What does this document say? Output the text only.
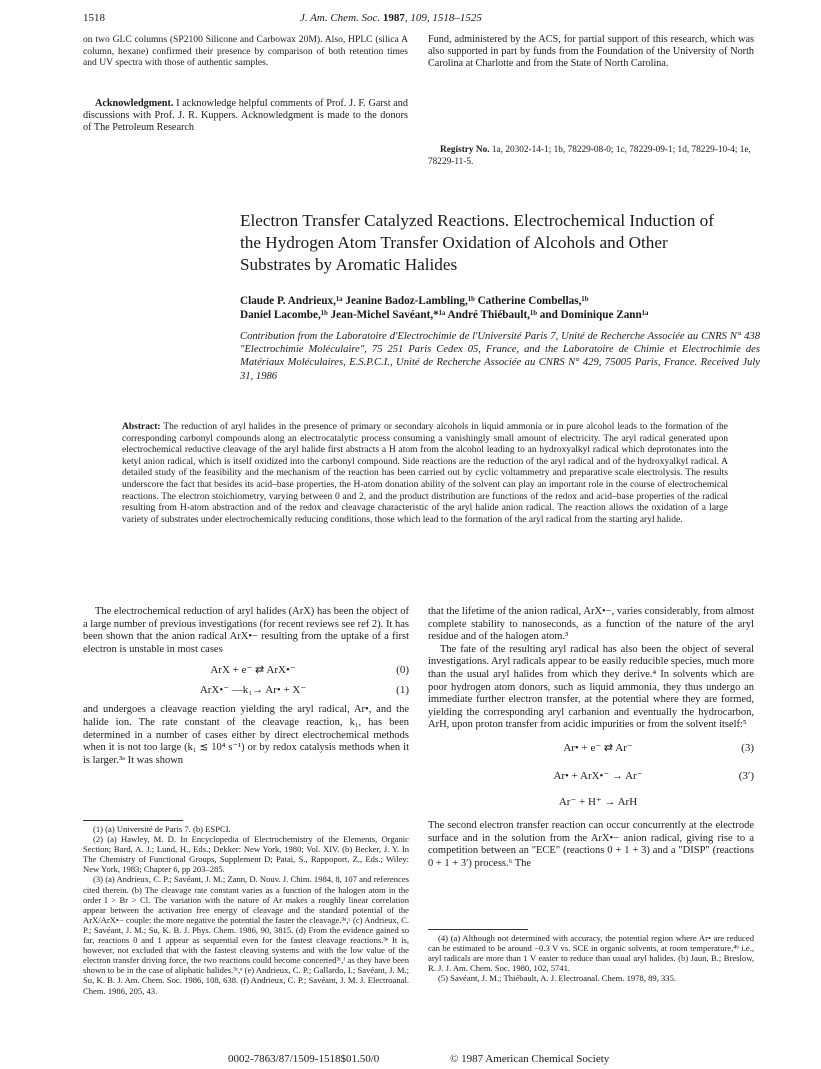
1518	J. Am. Chem. Soc. 1987, 109, 1518–1525
on two GLC columns (SP2100 Silicone and Carbowax 20M). Also, HPLC (silica A column, hexane) confirmed their presence by comparison of both retention times and UV spectra with those of authentic samples.
Acknowledgment. I acknowledge helpful comments of Prof. J. F. Garst and discussions with Prof. J. R. Kuppers. Acknowledgment is made to the donors of The Petroleum Research
Fund, administered by the ACS, for partial support of this research, which was also supported in part by funds from the Foundation of the University of North Carolina at Charlotte and from the State of North Carolina.
Registry No. 1a, 20302-14-1; 1b, 78229-08-0; 1c, 78229-09-1; 1d, 78229-10-4; 1e, 78229-11-5.
Electron Transfer Catalyzed Reactions. Electrochemical Induction of the Hydrogen Atom Transfer Oxidation of Alcohols and Other Substrates by Aromatic Halides
Claude P. Andrieux,¹ᵃ Jeanine Badoz-Lambling,¹ᵇ Catherine Combellas,¹ᵇ
Daniel Lacombe,¹ᵇ Jean-Michel Savéant,*¹ᵃ André Thiébault,¹ᵇ and Dominique Zann¹ᵃ
Contribution from the Laboratoire d'Electrochimie de l'Université Paris 7, Unité de Recherche Associée au CNRS N° 438 "Electrochimie Moléculaire", 75 251 Paris Cedex 05, France, and the Laboratoire de Chimie et Electrochimie des Matériaux Moléculaires, E.S.P.C.I., Unité de Recherche Associée au CNRS N° 429, 75005 Paris, France. Received July 31, 1986
Abstract: The reduction of aryl halides in the presence of primary or secondary alcohols in liquid ammonia or in pure alcohol leads to the formation of the corresponding carbonyl compounds along an electrocatalytic process consuming a vanishingly small amount of electricity. The aryl radical generated upon electrochemical reductive cleavage of the aryl halide first abstracts a H atom from the alcohol leading to an hydroxyalkyl radical which deprotonates into the ketyl anion radical, which is itself oxidized into the carbonyl compound. Side reactions are the reduction of the aryl radical and of the hydroxyalkyl radical. A detailed study of the feasibility and the mechanism of the reaction has been carried out by cyclic voltammetry and preparative scale electrolysis. The results underscore the fact that besides its acid–base properties, the H-atom donation ability of the solvent can play an important role in the course of electrochemical reactions. The electron stoichiometry, varying between 0 and 2, and the product distribution are functions of the redox and acid–base properties of the radical resulting from H-atom abstraction and of the redox and cleavage characteristic of the aryl halide anion radical. The reaction allows the oxidation of a large variety of substrates under electrochemically reducing conditions, those which lead to the formation of the aryl radical from the starting aryl halide.

The electrochemical reduction of aryl halides (ArX) has been the object of a large number of previous investigations (for recent reviews see ref 2). It has been shown that the anion radical ArX•− resulting from the uptake of a first electron is unstable in most cases

ArX + e⁻ ⇄ ArX•⁻	(0)
ArX•⁻ —k₁→ Ar• + X⁻	(1)

and undergoes a cleavage reaction yielding the aryl radical, Ar•, and the halide ion. The rate constant of the cleavage reaction, k₁, has been determined in a number of cases either by direct electrochemical methods when it is not too large (k₁ ≲ 10⁴ s⁻¹) or by redox catalysis methods when it is larger.³ᵃ It was shown

(1) (a) Université de Paris 7. (b) ESPCI.

(2) (a) Hawley, M. D. In Encyclopedia of Electrochemistry of the Elements, Organic Section; Bard, A. J.; Lund, H., Eds.; Dekker: New York, 1980; Vol. XIV. (b) Becker, J. Y. In The Chemistry of Functional Groups, Supplement D; Patai, S., Rappoport, Z., Eds.; Wiley: New York, 1983; Chapter 6, pp 203–285.

(3) (a) Andrieux, C. P.; Savéant, J. M.; Zann, D. Nouv. J. Chim. 1984, 8, 107 and references cited therein. (b) The cleavage rate constant varies as a function of the halogen atom in the order I > Br > Cl. The variation with the nature of Ar makes a roughly linear correlation appear between the activation free energy of cleavage and the standard potential of the ArX/ArX•− couple: the more negative the potential the faster the cleavage.³ᵃ,ᶜ (c) Andrieux, C. P.; Savéant, J. M.; Su, K. B. J. Phys. Chem. 1986, 90, 3815. (d) From the evidence gained so far, reactions 0 and 1 appear as sequential even for the fastest cleavage reactions.³ᵉ It is, however, not excluded that with the fastest cleaving systems and with the low value of the electron transfer driving force, the two reactions could become concerted³ᶜ,ᶠ as they have been shown to be in the case of aliphatic halides.³ᶜ,ᵉ (e) Andrieux, C. P.; Gallardo, I.; Savéant, J. M.; Su, K. B. J. Am. Chem. Soc. 1986, 108, 638. (f) Andrieux, C. P.; Savéant, J. M. J. Electroanal. Chem. 1986, 205, 43.

that the lifetime of the anion radical, ArX•−, varies considerably, from almost complete stability to nanoseconds, as a function of the nature of the aryl residue and of the halogen atom.³

The fate of the resulting aryl radical has also been the object of several investigations. Aryl radicals appear to be easily reducible species, much more than the usual aryl halides from which they derive.⁴ In solvents which are poor hydrogen atom donors, such as liquid ammonia, they thus undergo an immediate further electron transfer, at the potential where they are formed, yielding the corresponding aryl carbanion and eventually the hydrocarbon, ArH, upon proton transfer from acidic impurities or from the solvent itself:⁵

Ar• + e⁻ ⇄ Ar⁻	(3)
Ar• + ArX•⁻ → Ar⁻	(3′)
Ar⁻ + H⁺ → ArH

The second electron transfer reaction can occur concurrently at the electrode surface and in the solution from the ArX•− anion radical, giving rise to a competition between an "ECE" (reactions 0 + 1 + 3) and a "DISP" (reactions 0 + 1 + 3′) process.⁶ The

(4) (a) Although not determined with accuracy, the potential region where Ar• are reduced can be estimated to be around −0.3 V vs. SCE in organic solvents, at room temperature,⁴ᵇ i.e., aryl radicals are more than 1 V easier to reduce than usual aryl halides. (b) Jaun, B.; Breslow, R. J. J. Am. Chem. Soc. 1980, 102, 5741.

(5) Savéant, J. M.; Thiébault, A. J. Electroanal. Chem. 1978, 89, 335.

0002-7863/87/1509-1518$01.50/0	© 1987 American Chemical Society
